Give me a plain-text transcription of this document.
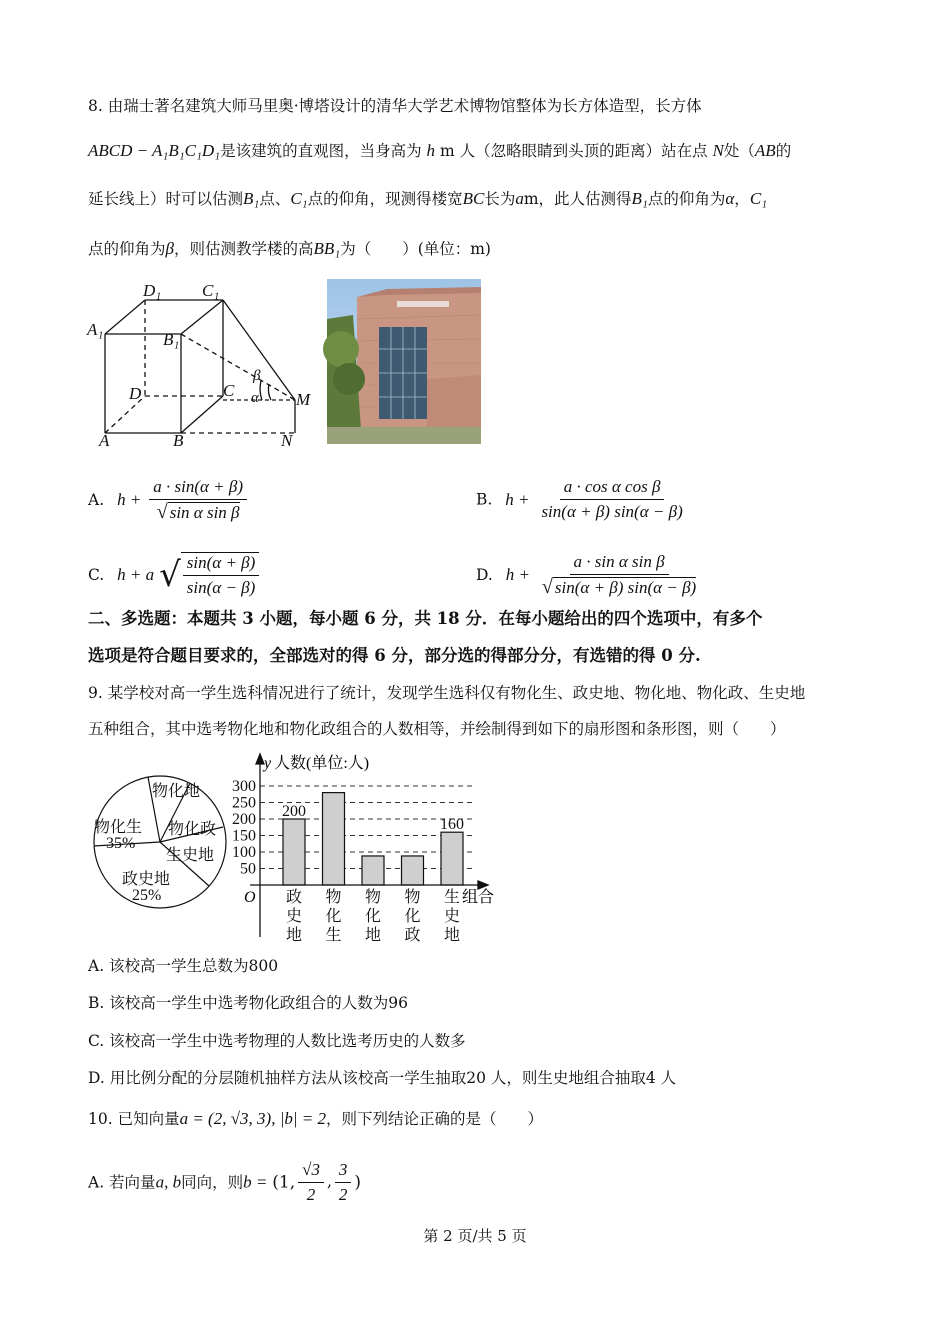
8. 由瑞士著名建筑大师马里奥·博塔设计的清华大学艺术博物馆整体为长方体造型，长方体
ABCD − A₁B₁C₁D₁是该建筑的直观图，当身高为 h m 人（忽略眼睛到头顶的距离）站在点 N处（AB的
延长线上）时可以估测B₁点、C₁点的仰角，现测得楼宽BC长为am，此人估测得B₁点的仰角为α，C₁
点的仰角为β，则估测教学楼的高BB₁为（　　）(单位：m)
D₁ C₁
A₁
B₁
D	C
A	B	N
M
β
α
A. $h + \frac{a \cdot \sin(\alpha + \beta)}{\text{√ sin α sin β}}$	B. $h + \frac{\text{a · cos α cos β}}{\sin(\alpha + \beta) \sin(\alpha - \beta)}$
C. h + a √ $\frac{\sin(\alpha + \beta)}{\sin(\alpha - \beta)}$	D. $h + \frac{\text{a · sin α sin β}}{√ \sin(\alpha + \beta) \sin(\alpha - \beta)}$
二、多选题：本题共 3 小题，每小题 6 分，共 18 分．在每小题给出的四个选项中，有多个
选项是符合题目要求的，全部选对的得 6 分，部分选的得部分分，有选错的得 0 分.
9. 某学校对高一学生选科情况进行了统计，发现学生选科仅有物化生、政史地、物化地、物化政、生史地
五种组合，其中选考物化地和物化政组合的人数相等，并绘制得到如下的扇形图和条形图，则（　　）
物化地
物化生
35%
物化政
生史地
政史地
25%
y 人数(单位:人)
O	组合
50
100
150
200
250
300
政
史
地
物
化
生
物
化
地
物
化
政
生
史
地
200
160
A. 该校高一学生总数为800
B. 该校高一学生中选考物化政组合的人数为96
C. 该校高一学生中选考物理的人数比选考历史的人数多
D. 用比例分配的分层随机抽样方法从该校高一学生抽取20 人，则生史地组合抽取4 人
10. 已知向量a = (2, √3, 3), |b| = 2，则下列结论正确的是（　　）
A. 若向量a, b同向，则b = (1, $\frac{√3}{2}$ , $\frac{3}{2}$ )
第 2 页/共 5 页
